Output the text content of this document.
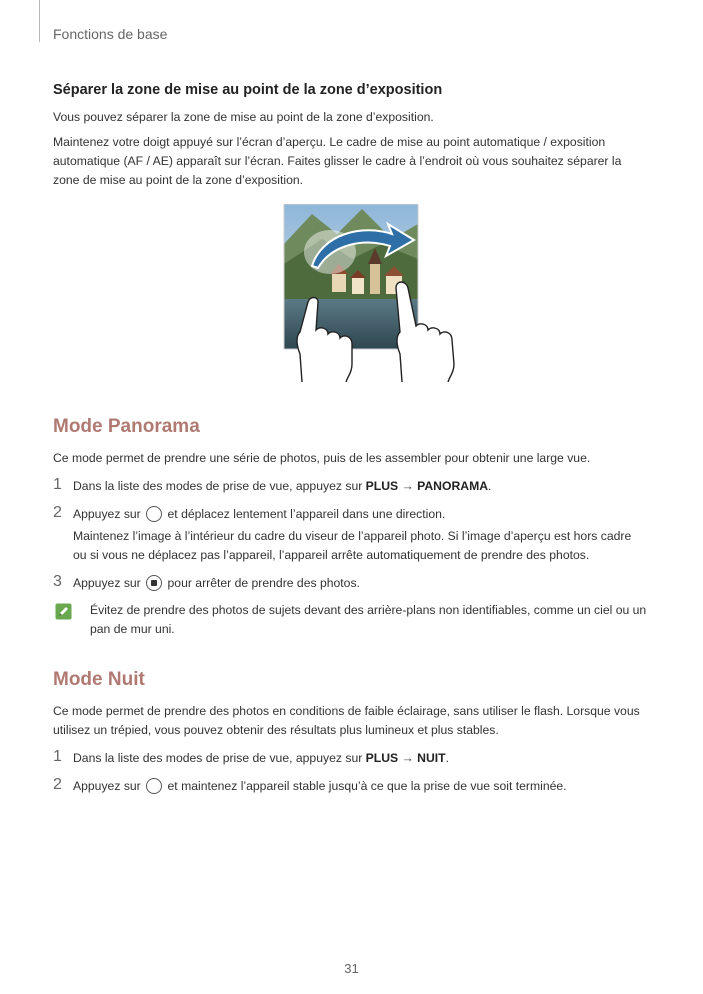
Fonctions de base
Séparer la zone de mise au point de la zone d’exposition

Vous pouvez séparer la zone de mise au point de la zone d’exposition.

Maintenez votre doigt appuyé sur l’écran d’aperçu. Le cadre de mise au point automatique / exposition automatique (AF / AE) apparaît sur l’écran. Faites glisser le cadre à l’endroit où vous souhaitez séparer la zone de mise au point de la zone d’exposition.

Mode Panorama

Ce mode permet de prendre une série de photos, puis de les assembler pour obtenir une large vue.

1 Dans la liste des modes de prise de vue, appuyez sur PLUS → PANORAMA.

2 Appuyez sur  et déplacez lentement l’appareil dans une direction.

Maintenez l’image à l’intérieur du cadre du viseur de l’appareil photo. Si l’image d’aperçu est hors cadre ou si vous ne déplacez pas l’appareil, l’appareil arrête automatiquement de prendre des photos.

3 Appuyez sur  pour arrêter de prendre des photos.

Évitez de prendre des photos de sujets devant des arrière-plans non identifiables, comme un ciel ou un pan de mur uni.

Mode Nuit

Ce mode permet de prendre des photos en conditions de faible éclairage, sans utiliser le flash. Lorsque vous utilisez un trépied, vous pouvez obtenir des résultats plus lumineux et plus stables.

1 Dans la liste des modes de prise de vue, appuyez sur PLUS → NUIT.

2 Appuyez sur  et maintenez l’appareil stable jusqu’à ce que la prise de vue soit terminée.

31
